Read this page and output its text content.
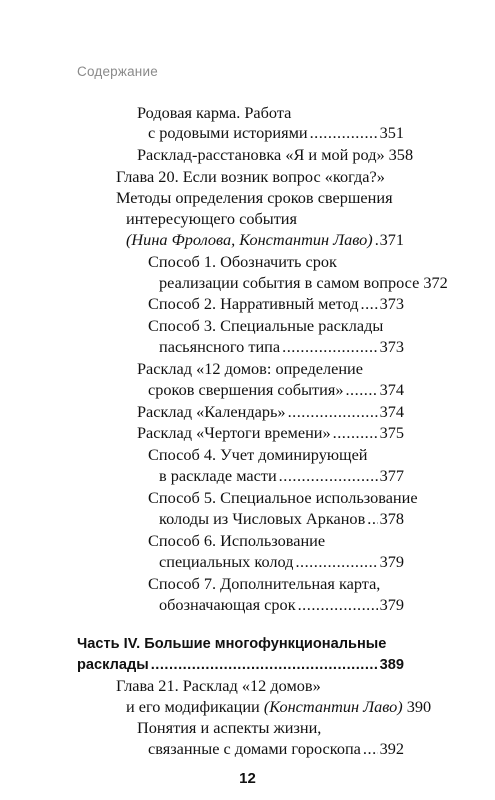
Содержание
Родовая карма. Работа
с родовыми историями .....	351
Расклад-расстановка «Я и мой род» 358
Глава 20. Если возник вопрос «когда?»
Методы определения сроков свершения
интересующего события
(Нина Фролова, Константин Лаво) ..... 371
Способ 1. Обозначить срок
реализации события в самом вопросе 372
Способ 2. Нарративный метод ..... 373
Способ 3. Специальные расклады
пасьянсного типа .....	373
Расклад «12 домов: определение
сроков свершения события» ..... 374
Расклад «Календарь» .....	374
Расклад «Чертоги времени» .....	375
Способ 4. Учет доминирующей
в раскладе масти .....	377
Способ 5. Специальное использование
колоды из Числовых Арканов ..... 378
Способ 6. Использование
специальных колод .....	379
Способ 7. Дополнительная карта,
обозначающая срок .....	379
Часть IV. Большие многофункциональные
расклады .....	389
Глава 21. Расклад «12 домов»
и его модификации
(Константин Лаво) 390
Понятия и аспекты жизни,
связанные с домами гороскопа ..... 392
12
